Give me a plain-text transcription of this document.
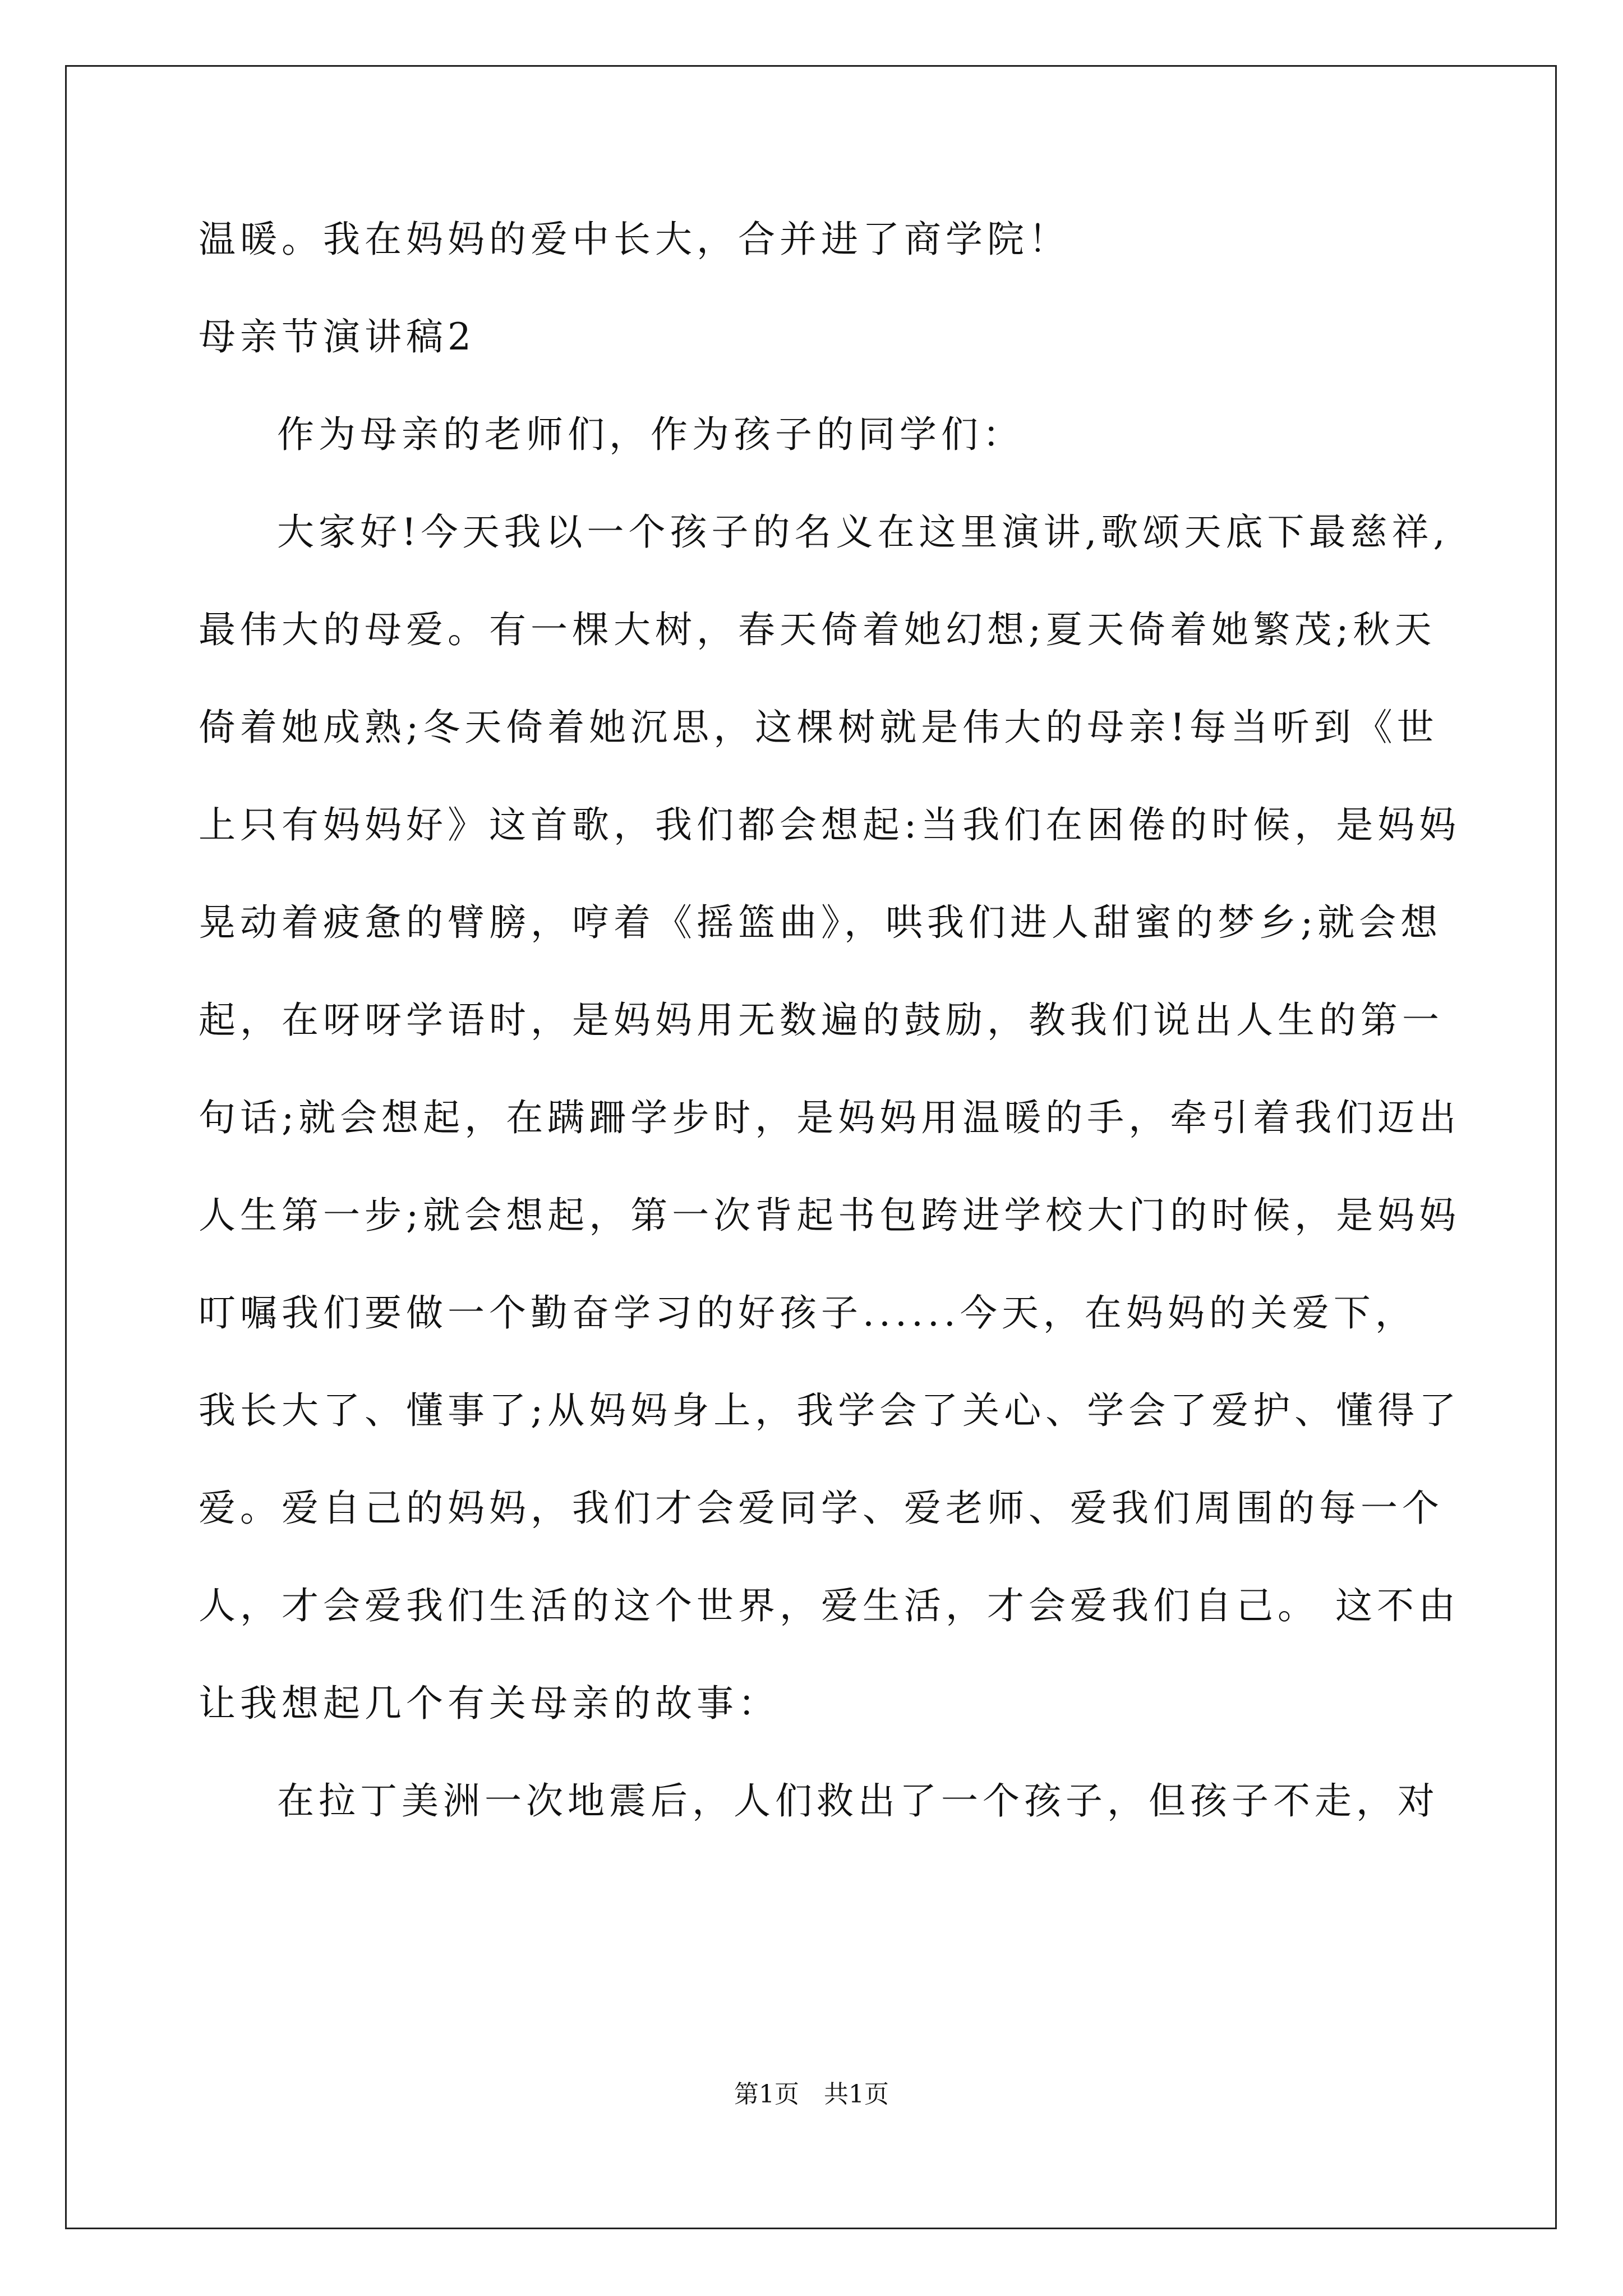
温暖。我在妈妈的爱中长大，合并进了商学院！
母亲节演讲稿2
作为母亲的老师们，作为孩子的同学们：
大家好!今天我以一个孩子的名义在这里演讲,歌颂天底下最慈祥,
最伟大的母爱。有一棵大树，春天倚着她幻想;夏天倚着她繁茂;秋天
倚着她成熟;冬天倚着她沉思，这棵树就是伟大的母亲!每当听到《世
上只有妈妈好》这首歌，我们都会想起:当我们在困倦的时候，是妈妈
晃动着疲惫的臂膀，哼着《摇篮曲》，哄我们进人甜蜜的梦乡;就会想
起，在呀呀学语时，是妈妈用无数遍的鼓励，教我们说出人生的第一
句话;就会想起，在蹒跚学步时，是妈妈用温暖的手，牵引着我们迈出
人生第一步;就会想起，第一次背起书包跨进学校大门的时候，是妈妈
叮嘱我们要做一个勤奋学习的好孩子......今天，在妈妈的关爱下，
我长大了、懂事了;从妈妈身上，我学会了关心、学会了爱护、懂得了
爱。爱自己的妈妈，我们才会爱同学、爱老师、爱我们周围的每一个
人，才会爱我们生活的这个世界，爱生活，才会爱我们自己。 这不由
让我想起几个有关母亲的故事：
在拉丁美洲一次地震后，人们救出了一个孩子，但孩子不走，对
第1页　共1页
